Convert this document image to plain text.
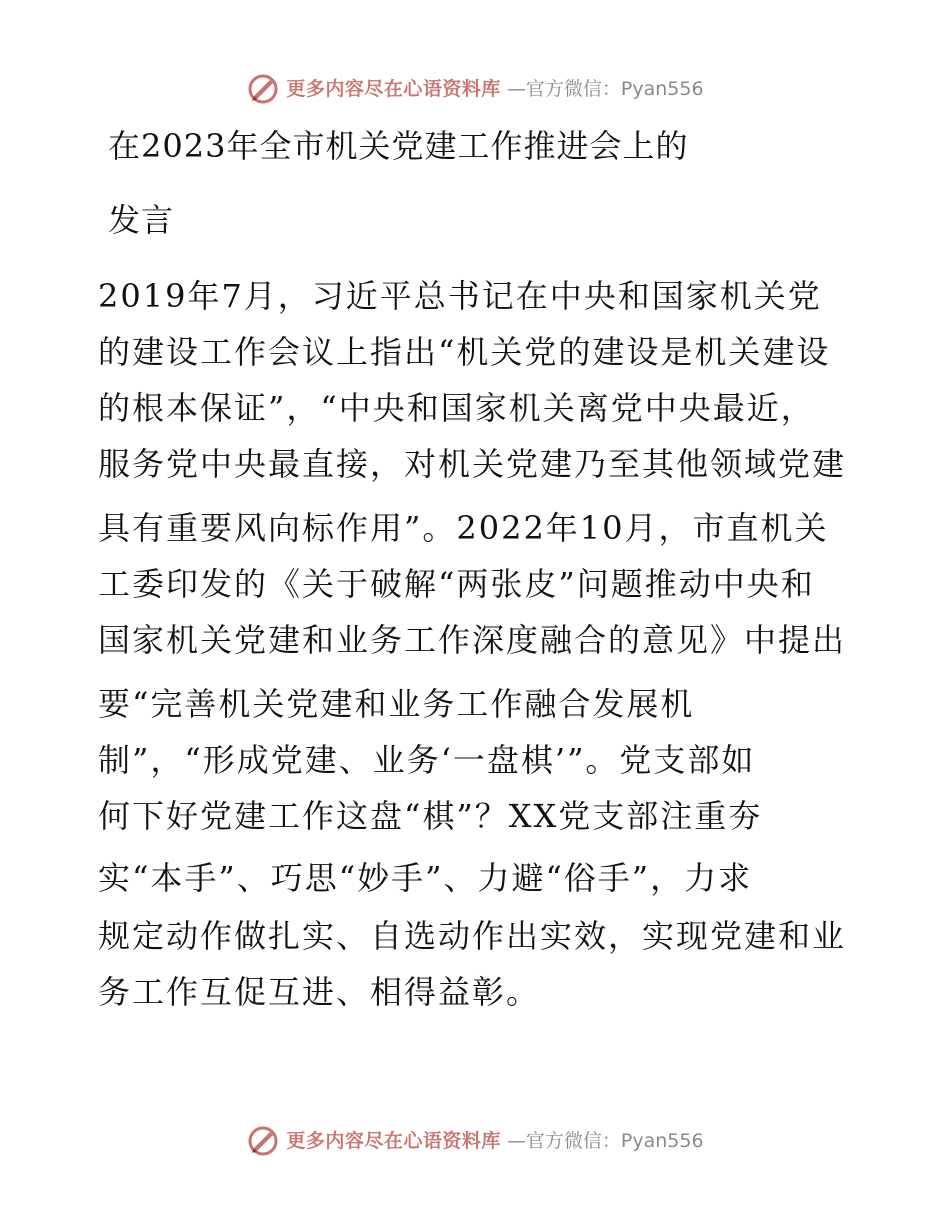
更多内容尽在心语资料库 —官方微信：Pyan556
在2023年全市机关党建工作推进会上的
发言
2019年7月，习近平总书记在中央和国家机关党
的建设工作会议上指出“机关党的建设是机关建设
的根本保证”，“中央和国家机关离党中央最近，
服务党中央最直接，对机关党建乃至其他领域党建
具有重要风向标作用”。2022年10月，市直机关
工委印发的《关于破解“两张皮”问题推动中央和
国家机关党建和业务工作深度融合的意见》中提出
要“完善机关党建和业务工作融合发展机
制”，“形成党建、业务‘一盘棋’”。党支部如
何下好党建工作这盘“棋”？XX党支部注重夯
实“本手”、巧思“妙手”、力避“俗手”，力求
规定动作做扎实、自选动作出实效，实现党建和业
务工作互促互进、相得益彰。
更多内容尽在心语资料库 —官方微信：Pyan556
